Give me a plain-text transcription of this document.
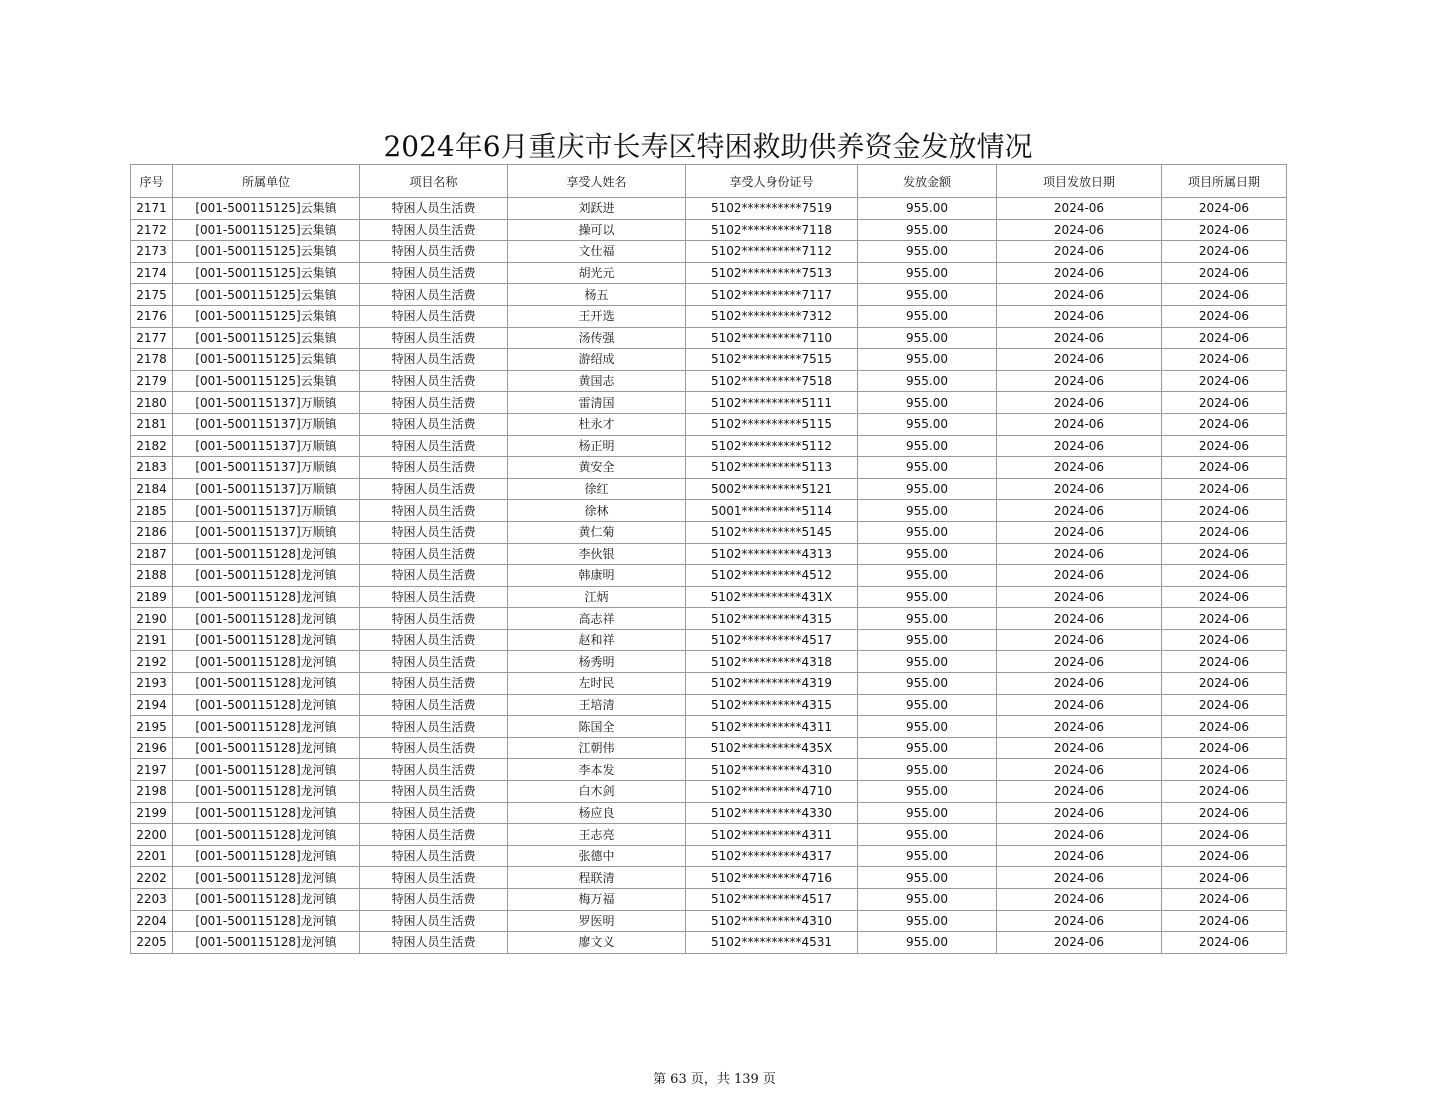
2024年6月重庆市长寿区特困救助供养资金发放情况
序号	所属单位	项目名称	享受人姓名	享受人身份证号	发放金额	项目发放日期	项目所属日期
2171	[001-500115125]云集镇	特困人员生活费	刘跃进	5102**********7519	955.00	2024-06	2024-06
2172	[001-500115125]云集镇	特困人员生活费	操可以	5102**********7118	955.00	2024-06	2024-06
2173	[001-500115125]云集镇	特困人员生活费	文仕福	5102**********7112	955.00	2024-06	2024-06
2174	[001-500115125]云集镇	特困人员生活费	胡光元	5102**********7513	955.00	2024-06	2024-06
2175	[001-500115125]云集镇	特困人员生活费	杨五	5102**********7117	955.00	2024-06	2024-06
2176	[001-500115125]云集镇	特困人员生活费	王开选	5102**********7312	955.00	2024-06	2024-06
2177	[001-500115125]云集镇	特困人员生活费	汤传强	5102**********7110	955.00	2024-06	2024-06
2178	[001-500115125]云集镇	特困人员生活费	游绍成	5102**********7515	955.00	2024-06	2024-06
2179	[001-500115125]云集镇	特困人员生活费	黄国志	5102**********7518	955.00	2024-06	2024-06
2180	[001-500115137]万顺镇	特困人员生活费	雷清国	5102**********5111	955.00	2024-06	2024-06
2181	[001-500115137]万顺镇	特困人员生活费	杜永才	5102**********5115	955.00	2024-06	2024-06
2182	[001-500115137]万顺镇	特困人员生活费	杨正明	5102**********5112	955.00	2024-06	2024-06
2183	[001-500115137]万顺镇	特困人员生活费	黄安全	5102**********5113	955.00	2024-06	2024-06
2184	[001-500115137]万顺镇	特困人员生活费	徐红	5002**********5121	955.00	2024-06	2024-06
2185	[001-500115137]万顺镇	特困人员生活费	徐林	5001**********5114	955.00	2024-06	2024-06
2186	[001-500115137]万顺镇	特困人员生活费	黄仁菊	5102**********5145	955.00	2024-06	2024-06
2187	[001-500115128]龙河镇	特困人员生活费	李伙银	5102**********4313	955.00	2024-06	2024-06
2188	[001-500115128]龙河镇	特困人员生活费	韩康明	5102**********4512	955.00	2024-06	2024-06
2189	[001-500115128]龙河镇	特困人员生活费	江炳	5102**********431X	955.00	2024-06	2024-06
2190	[001-500115128]龙河镇	特困人员生活费	高志祥	5102**********4315	955.00	2024-06	2024-06
2191	[001-500115128]龙河镇	特困人员生活费	赵和祥	5102**********4517	955.00	2024-06	2024-06
2192	[001-500115128]龙河镇	特困人员生活费	杨秀明	5102**********4318	955.00	2024-06	2024-06
2193	[001-500115128]龙河镇	特困人员生活费	左时民	5102**********4319	955.00	2024-06	2024-06
2194	[001-500115128]龙河镇	特困人员生活费	王培清	5102**********4315	955.00	2024-06	2024-06
2195	[001-500115128]龙河镇	特困人员生活费	陈国全	5102**********4311	955.00	2024-06	2024-06
2196	[001-500115128]龙河镇	特困人员生活费	江朝伟	5102**********435X	955.00	2024-06	2024-06
2197	[001-500115128]龙河镇	特困人员生活费	李本发	5102**********4310	955.00	2024-06	2024-06
2198	[001-500115128]龙河镇	特困人员生活费	白木剑	5102**********4710	955.00	2024-06	2024-06
2199	[001-500115128]龙河镇	特困人员生活费	杨应良	5102**********4330	955.00	2024-06	2024-06
2200	[001-500115128]龙河镇	特困人员生活费	王志亮	5102**********4311	955.00	2024-06	2024-06
2201	[001-500115128]龙河镇	特困人员生活费	张德中	5102**********4317	955.00	2024-06	2024-06
2202	[001-500115128]龙河镇	特困人员生活费	程联清	5102**********4716	955.00	2024-06	2024-06
2203	[001-500115128]龙河镇	特困人员生活费	梅万福	5102**********4517	955.00	2024-06	2024-06
2204	[001-500115128]龙河镇	特困人员生活费	罗医明	5102**********4310	955.00	2024-06	2024-06
2205	[001-500115128]龙河镇	特困人员生活费	廖文义	5102**********4531	955.00	2024-06	2024-06
第 63 页，共 139 页
